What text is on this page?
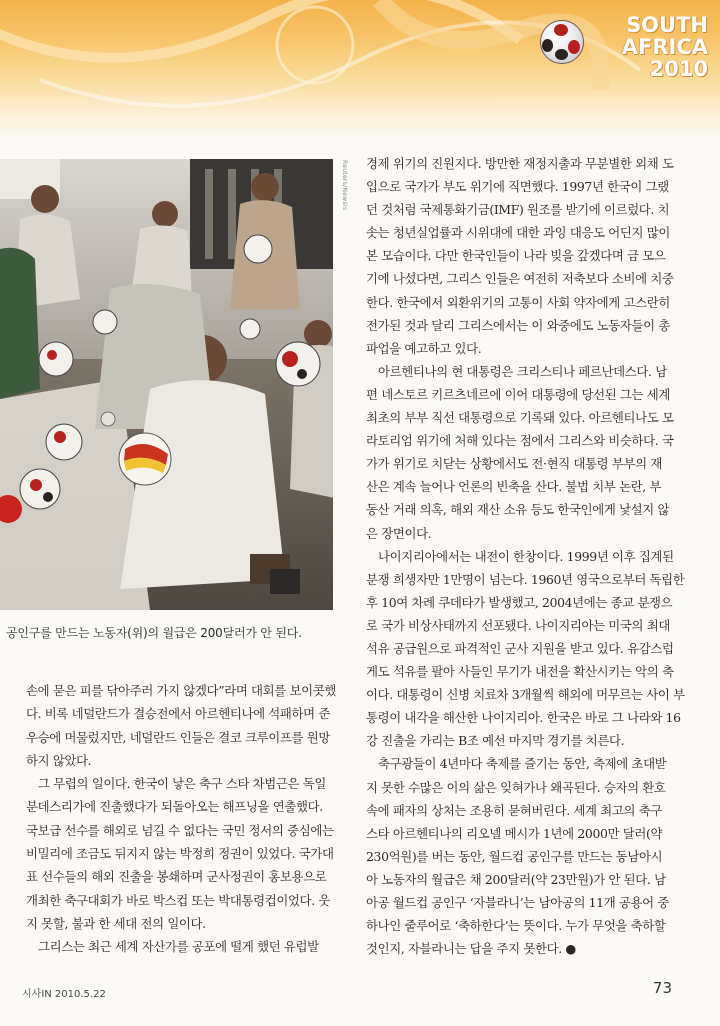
SOUTH
AFRICA
2010
Reuters/Newsis
공인구를 만드는 노동자(위)의 월급은 200달러가 안 된다.
손에 묻은 피를 닦아주러 가지 않겠다”라며 대회를 보이콧했
다. 비록 네덜란드가 결승전에서 아르헨티나에 석패하며 준
우승에 머물렀지만, 네덜란드 인들은 결코 크루이프를 원망
하지 않았다.
　그 무렵의 일이다. 한국이 낳은 축구 스타 차범근은 독일
분데스리가에 진출했다가 되돌아오는 해프닝을 연출했다.
국보급 선수를 해외로 넘길 수 없다는 국민 정서의 중심에는
비밀리에 조금도 뒤지지 않는 박정희 정권이 있었다. 국가대
표 선수들의 해외 진출을 봉쇄하며 군사정권이 홍보용으로
개최한 축구대회가 바로 박스컵 또는 박대통령컵이었다. 웃
지 못할, 불과 한 세대 전의 일이다.
　그리스는 최근 세계 자산가를 공포에 떨게 했던 유럽발
경제 위기의 진원지다. 방만한 재정지출과 무분별한 외채 도
입으로 국가가 부도 위기에 직면했다. 1997년 한국이 그랬
던 것처럼 국제통화기금(IMF) 원조를 받기에 이르렀다. 치
솟는 청년실업률과 시위대에 대한 과잉 대응도 어딘지 많이
본 모습이다. 다만 한국인들이 나라 빚을 갚겠다며 금 모으
기에 나섰다면, 그리스 인들은 여전히 저축보다 소비에 치중
한다. 한국에서 외환위기의 고통이 사회 약자에게 고스란히
전가된 것과 달리 그리스에서는 이 와중에도 노동자들이 총
파업을 예고하고 있다.
　아르헨티나의 현 대통령은 크리스티나 페르난데스다. 남
편 네스토르 키르츠네르에 이어 대통령에 당선된 그는 세계
최초의 부부 직선 대통령으로 기록돼 있다. 아르헨티나도 모
라토리엄 위기에 처해 있다는 점에서 그리스와 비슷하다. 국
가가 위기로 치닫는 상황에서도 전·현직 대통령 부부의 재
산은 계속 늘어나 언론의 빈축을 산다. 불법 치부 논란, 부
동산 거래 의혹, 해외 재산 소유 등도 한국인에게 낯설지 않
은 장면이다.
　나이지리아에서는 내전이 한창이다. 1999년 이후 집계된
분쟁 희생자만 1만명이 넘는다. 1960년 영국으로부터 독립한
후 10여 차례 쿠데타가 발생했고, 2004년에는 종교 분쟁으
로 국가 비상사태까지 선포됐다. 나이지리아는 미국의 최대
석유 공급원으로 파격적인 군사 지원을 받고 있다. 유감스럽
게도 석유를 팔아 사들인 무기가 내전을 확산시키는 악의 축
이다. 대통령이 신병 치료차 3개월씩 해외에 머무르는 사이 부
통령이 내각을 해산한 나이지리아. 한국은 바로 그 나라와 16
강 진출을 가리는 B조 예선 마지막 경기를 치른다.
　축구광들이 4년마다 축제를 즐기는 동안, 축제에 초대받
지 못한 수많은 이의 삶은 잊혀가나 왜곡된다. 승자의 환호
속에 패자의 상처는 조용히 묻혀버린다. 세계 최고의 축구
스타 아르헨티나의 리오넬 메시가 1년에 2000만 달러(약
230억원)를 버는 동안, 월드컵 공인구를 만드는 동남아시
아 노동자의 월급은 채 200달러(약 23만원)가 안 된다. 남
아공 월드컵 공인구 ‘자블라니’는 남아공의 11개 공용어 중
하나인 줄루어로 ‘축하한다’는 뜻이다. 누가 무엇을 축하할
것인지, 자블라니는 답을 주지 못한다. ●
시사IN 2010.5.22	73
